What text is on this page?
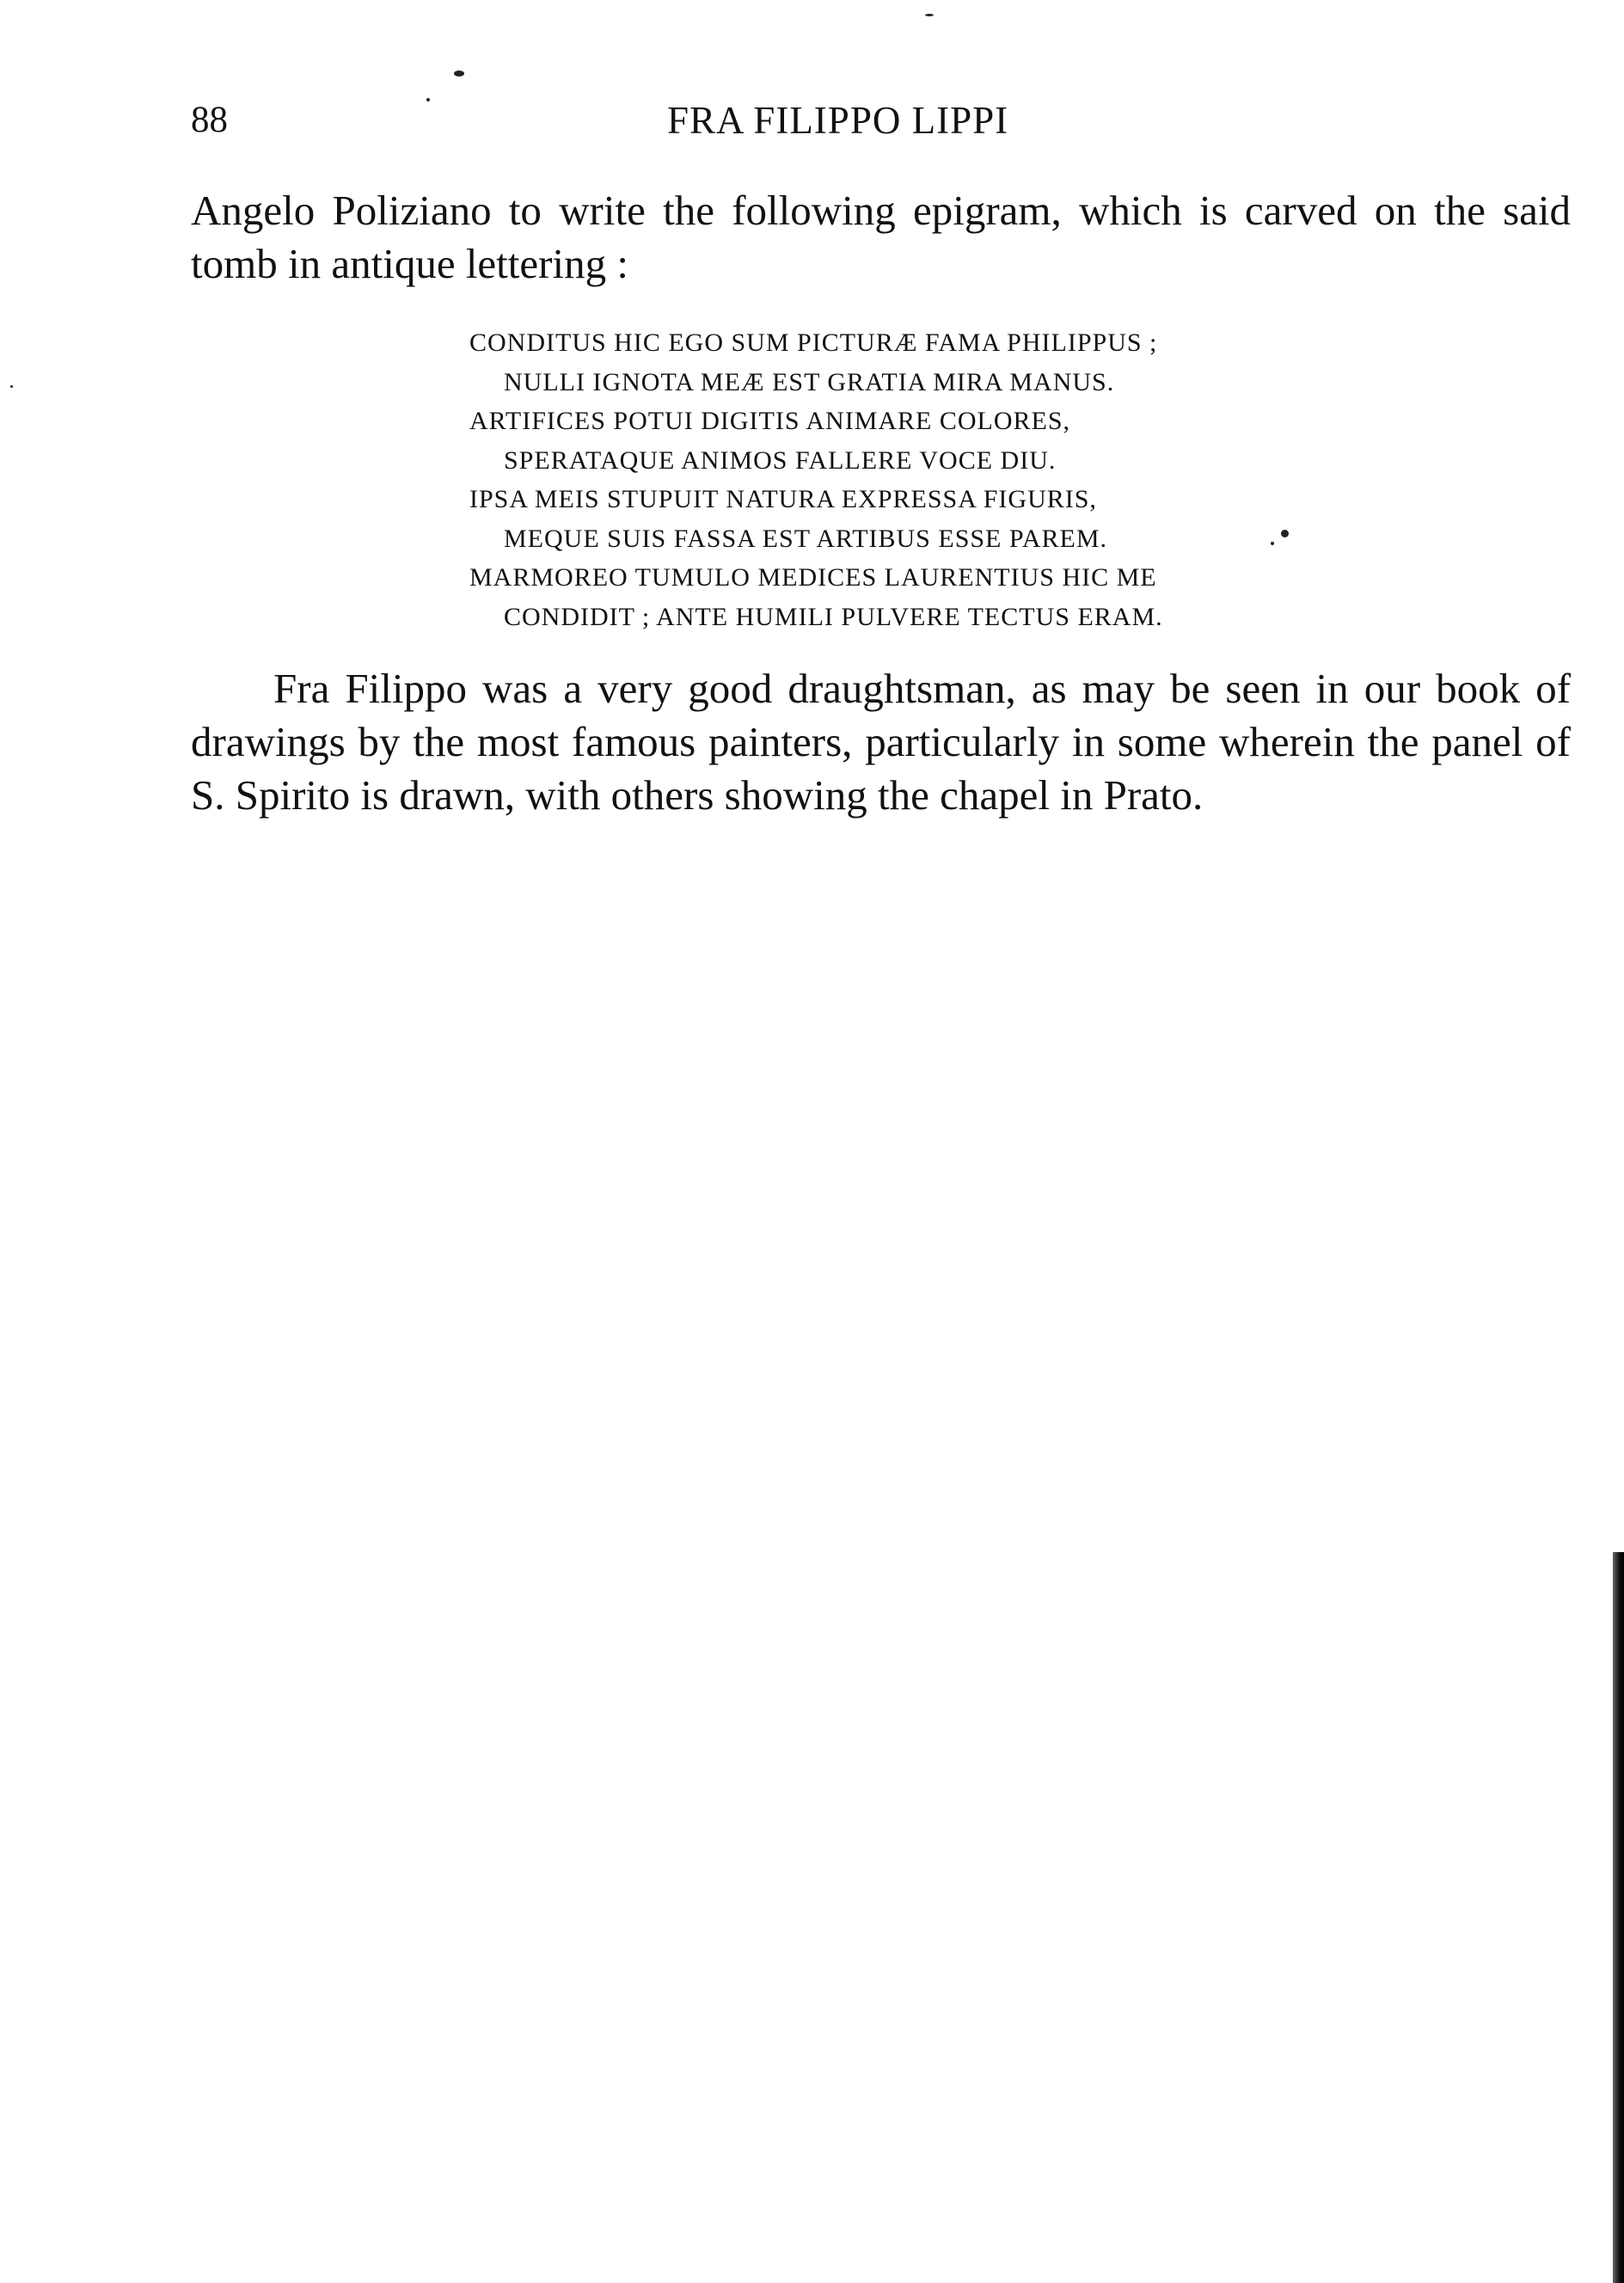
88	FRA FILIPPO LIPPI

Angelo Poliziano to write the following epigram, which is carved on the said tomb in antique lettering :

CONDITUS HIC EGO SUM PICTURÆ FAMA PHILIPPUS ;
NULLI IGNOTA MEÆ EST GRATIA MIRA MANUS.
ARTIFICES POTUI DIGITIS ANIMARE COLORES,
SPERATAQUE ANIMOS FALLERE VOCE DIU.
IPSA MEIS STUPUIT NATURA EXPRESSA FIGURIS,
MEQUE SUIS FASSA EST ARTIBUS ESSE PAREM.
MARMOREO TUMULO MEDICES LAURENTIUS HIC ME
CONDIDIT ; ANTE HUMILI PULVERE TECTUS ERAM.

Fra Filippo was a very good draughtsman, as may be seen in our book of drawings by the most famous painters, particularly in some wherein the panel of S. Spirito is drawn, with others showing the chapel in Prato.
